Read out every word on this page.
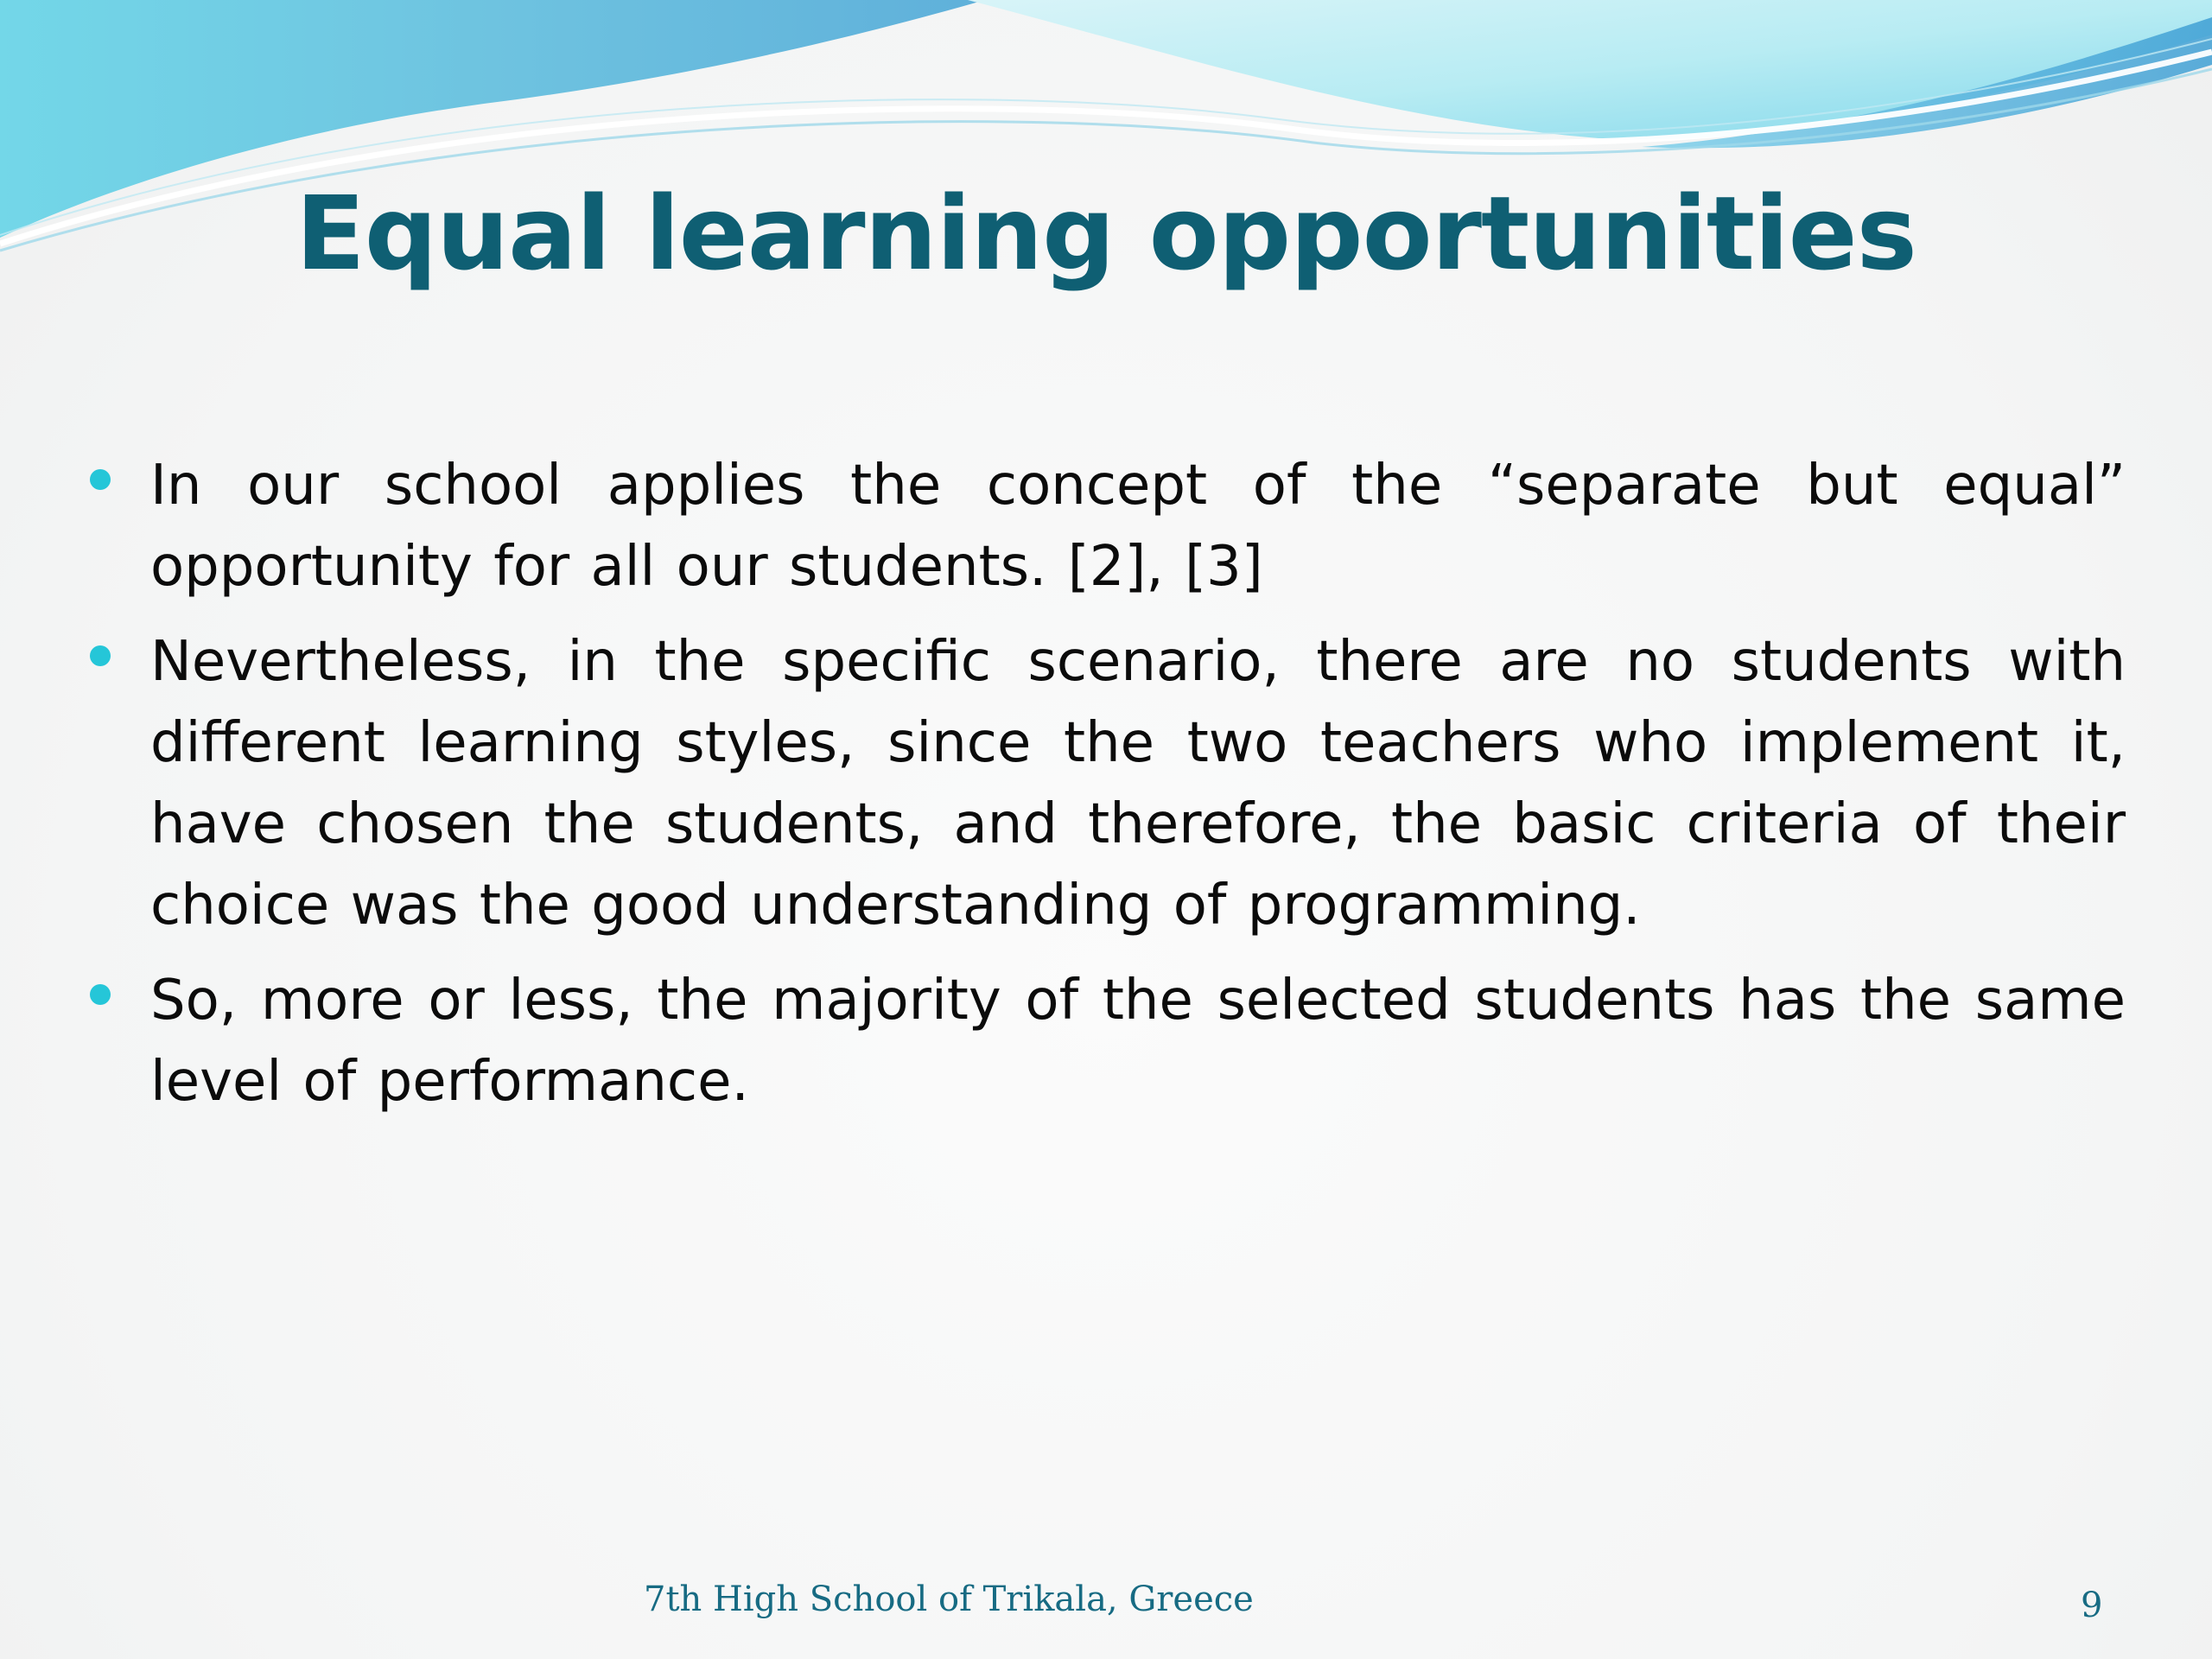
Equal learning opportunities
In our school applies the concept of the “separate but equal” opportunity for all our students. [2], [3]
Nevertheless, in the specific scenario, there are no students with different learning styles, since the two teachers who implement it, have chosen the students, and therefore, the basic criteria of their choice was the good understanding of programming.
So, more or less, the majority of the selected students has the same level of performance.
7th High School of Trikala, Greece	9
